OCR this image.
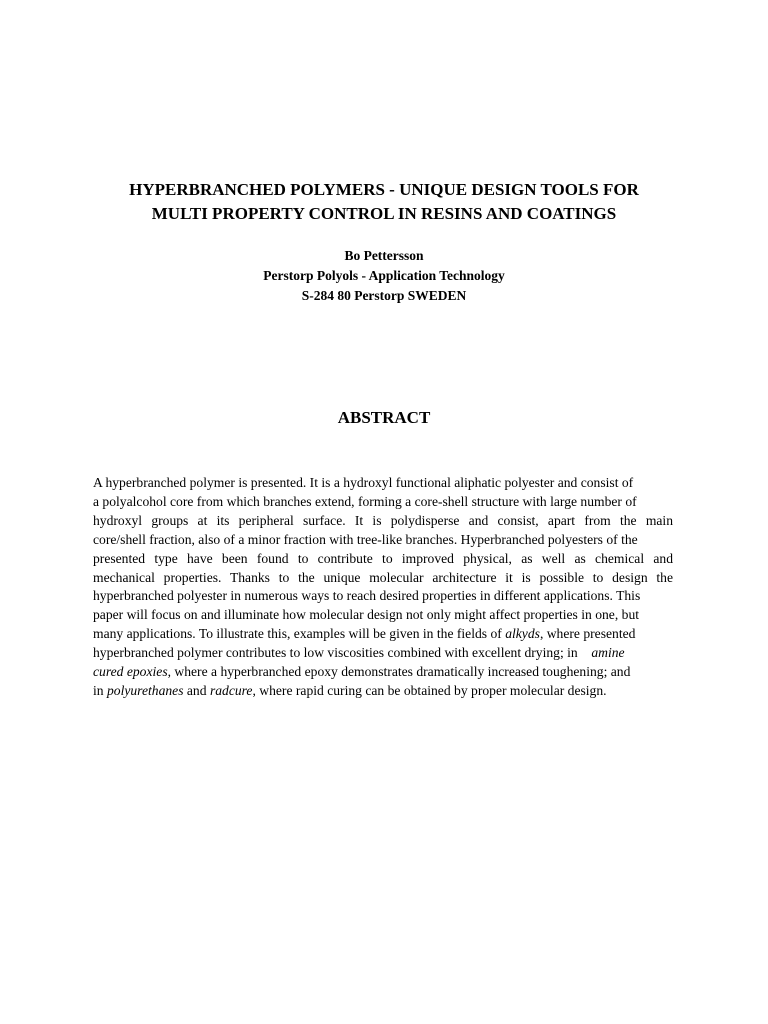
HYPERBRANCHED POLYMERS - UNIQUE DESIGN TOOLS FOR
MULTI PROPERTY CONTROL IN RESINS AND COATINGS
Bo Pettersson
Perstorp Polyols - Application Technology
S-284 80 Perstorp SWEDEN
ABSTRACT
A hyperbranched polymer is presented. It is a hydroxyl functional aliphatic polyester and consist of
a polyalcohol core from which branches extend, forming a core-shell structure with large number of
hydroxyl groups at its peripheral surface. It is polydisperse and consist, apart from the main
core/shell fraction, also of a minor fraction with tree-like branches. Hyperbranched polyesters of the
presented type have been found to contribute to improved physical, as well as chemical and
mechanical properties. Thanks to the unique molecular architecture it is possible to design the
hyperbranched polyester in numerous ways to reach desired properties in different applications. This
paper will focus on and illuminate how molecular design not only might affect properties in one, but
many applications. To illustrate this, examples will be given in the fields of alkyds, where presented
hyperbranched polymer contributes to low viscosities combined with excellent drying; in    amine
cured epoxies, where a hyperbranched epoxy demonstrates dramatically increased toughening; and
in polyurethanes and radcure, where rapid curing can be obtained by proper molecular design.
